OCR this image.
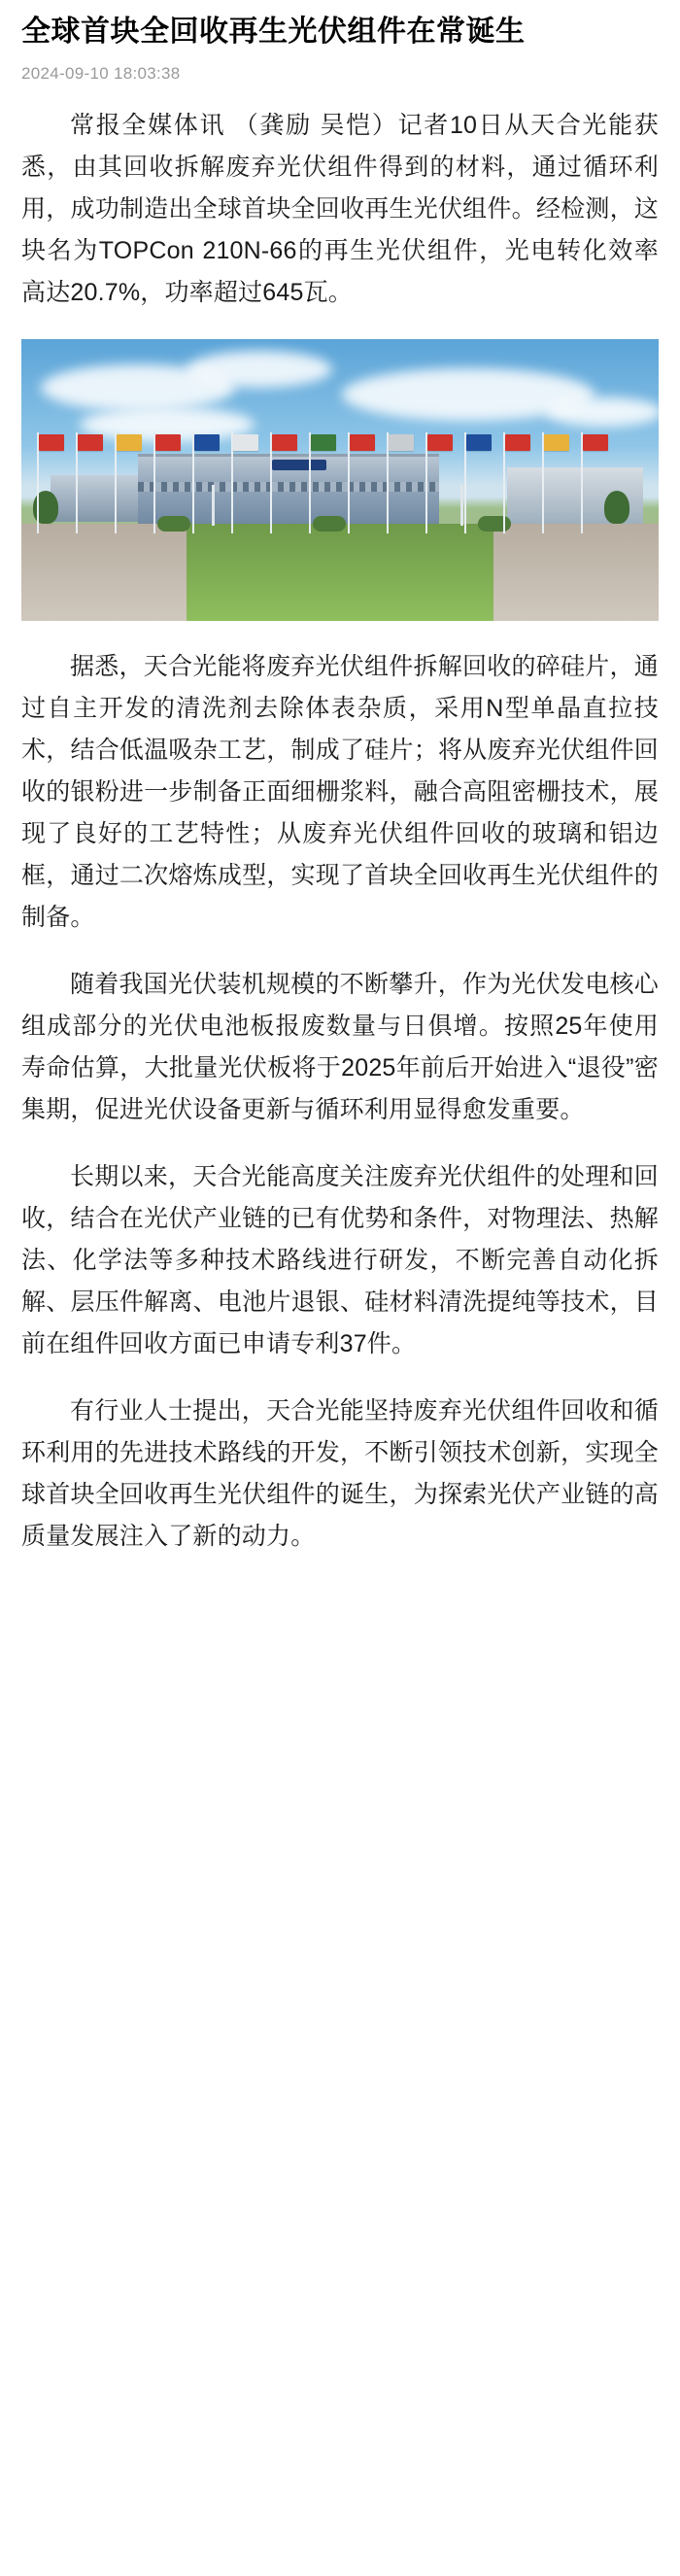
全球首块全回收再生光伏组件在常诞生
2024-09-10 18:03:38

常报全媒体讯 （龚励 吴恺）记者10日从天合光能获悉，由其回收拆解废弃光伏组件得到的材料，通过循环利用，成功制造出全球首块全回收再生光伏组件。经检测，这块名为TOPCon 210N-66的再生光伏组件，光电转化效率高达20.7%，功率超过645瓦。

据悉，天合光能将废弃光伏组件拆解回收的碎硅片，通过自主开发的清洗剂去除体表杂质，采用N型单晶直拉技术，结合低温吸杂工艺，制成了硅片；将从废弃光伏组件回收的银粉进一步制备正面细栅浆料，融合高阻密栅技术，展现了良好的工艺特性；从废弃光伏组件回收的玻璃和铝边框，通过二次熔炼成型，实现了首块全回收再生光伏组件的制备。

随着我国光伏装机规模的不断攀升，作为光伏发电核心组成部分的光伏电池板报废数量与日俱增。按照25年使用寿命估算，大批量光伏板将于2025年前后开始进入“退役”密集期，促进光伏设备更新与循环利用显得愈发重要。

长期以来，天合光能高度关注废弃光伏组件的处理和回收，结合在光伏产业链的已有优势和条件，对物理法、热解法、化学法等多种技术路线进行研发，不断完善自动化拆解、层压件解离、电池片退银、硅材料清洗提纯等技术，目前在组件回收方面已申请专利37件。

有行业人士提出，天合光能坚持废弃光伏组件回收和循环利用的先进技术路线的开发，不断引领技术创新，实现全球首块全回收再生光伏组件的诞生，为探索光伏产业链的高质量发展注入了新的动力。
